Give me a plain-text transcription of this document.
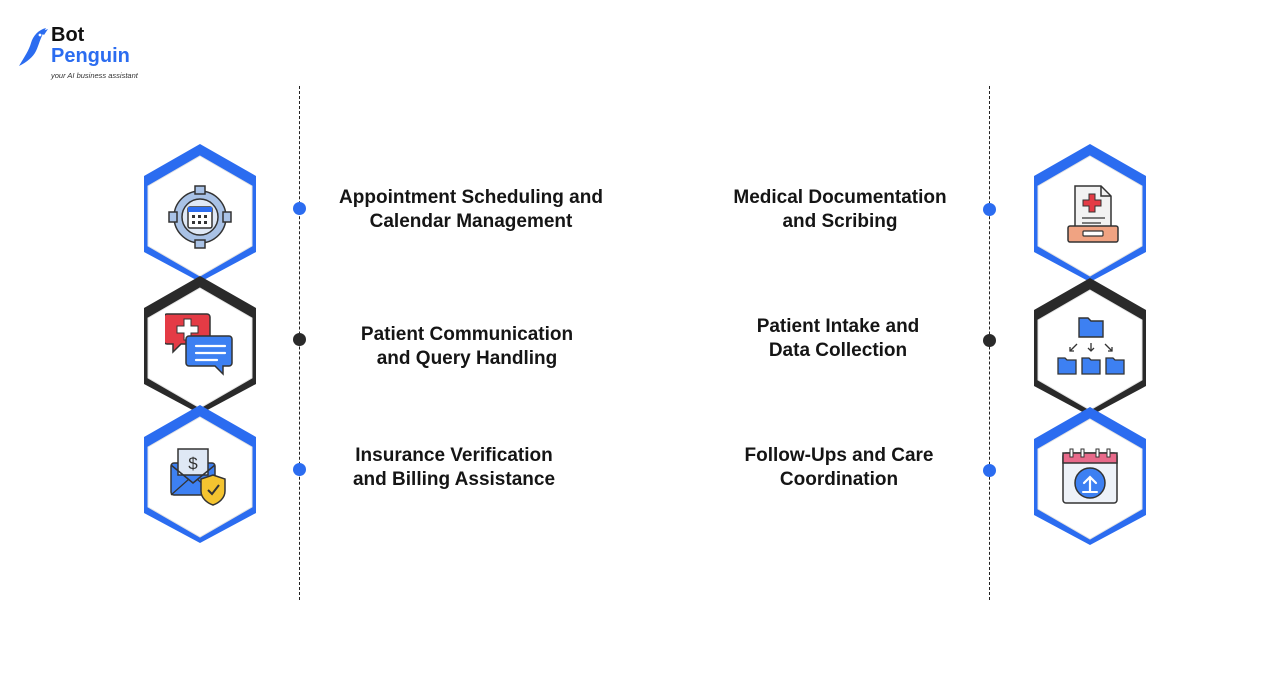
Bot
Penguin
your AI business assistant
Appointment Scheduling and
Calendar Management
Patient Communication
and Query Handling
$	Insurance Verification
and Billing Assistance
Medical Documentation
and Scribing
Patient Intake and
Data Collection
Follow-Ups and Care
Coordination
